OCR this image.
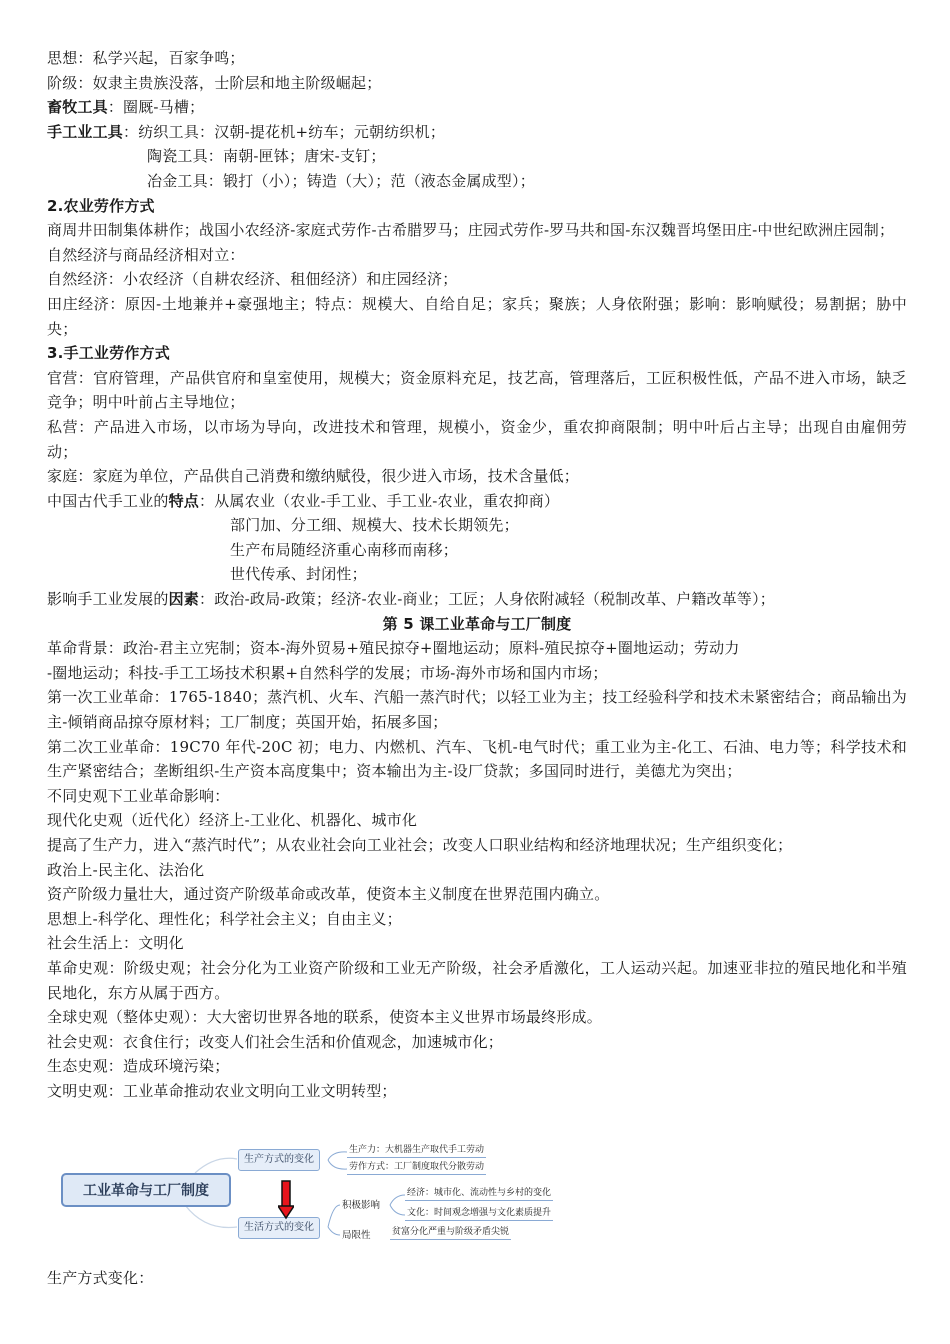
思想：私学兴起，百家争鸣；
阶级：奴隶主贵族没落，士阶层和地主阶级崛起；
畜牧工具：圈厩-马槽；
手工业工具：纺织工具：汉朝-提花机+纺车；元朝纺织机；
陶瓷工具：南朝-匣钵；唐宋-支钉；
冶金工具：锻打（小）；铸造（大）；范（液态金属成型）；
2.农业劳作方式
商周井田制集体耕作；战国小农经济-家庭式劳作-古希腊罗马；庄园式劳作-罗马共和国-东汉魏晋坞堡田庄-中世纪欧洲庄园制；
自然经济与商品经济相对立：
自然经济：小农经济（自耕农经济、租佃经济）和庄园经济；
田庄经济：原因-土地兼并+豪强地主；特点：规模大、自给自足；家兵；聚族；人身依附强；影响：影响赋役；易割据；胁中央；
3.手工业劳作方式
官营：官府管理，产品供官府和皇室使用，规模大；资金原料充足，技艺高，管理落后，工匠积极性低，产品不进入市场，缺乏竞争；明中叶前占主导地位；
私营：产品进入市场，以市场为导向，改进技术和管理，规模小，资金少，重农抑商限制；明中叶后占主导；出现自由雇佣劳动；
家庭：家庭为单位，产品供自己消费和缴纳赋役，很少进入市场，技术含量低；
中国古代手工业的特点：从属农业（农业-手工业、手工业-农业，重农抑商）
部门加、分工细、规模大、技术长期领先；
生产布局随经济重心南移而南移；
世代传承、封闭性；
影响手工业发展的因素：政治-政局-政策；经济-农业-商业；工匠；人身依附减轻（税制改革、户籍改革等）；
第 5 课工业革命与工厂制度
革命背景：政治-君主立宪制；资本-海外贸易+殖民掠夺+圈地运动；原料-殖民掠夺+圈地运动；劳动力
-圈地运动；科技-手工工场技术积累+自然科学的发展；市场-海外市场和国内市场；
第一次工业革命：1765-1840；蒸汽机、火车、汽船一蒸汽时代；以轻工业为主；技工经验科学和技术未紧密结合；商品输出为主-倾销商品掠夺原材料；工厂制度；英国开始，拓展多国；
第二次工业革命：19C70 年代-20C 初；电力、内燃机、汽车、飞机-电气时代；重工业为主-化工、石油、电力等；科学技术和生产紧密结合；垄断组织-生产资本高度集中；资本输出为主-设厂贷款；多国同时进行，美德尤为突出；
不同史观下工业革命影响：
现代化史观（近代化）经济上-工业化、机器化、城市化
提高了生产力，进入“蒸汽时代”；从农业社会向工业社会；改变人口职业结构和经济地理状况；生产组织变化；
政治上-民主化、法治化
资产阶级力量壮大，通过资产阶级革命或改革，使资本主义制度在世界范围内确立。
思想上-科学化、理性化；科学社会主义；自由主义；
社会生活上：文明化
革命史观：阶级史观；社会分化为工业资产阶级和工业无产阶级，社会矛盾激化，工人运动兴起。加速亚非拉的殖民地化和半殖民地化，东方从属于西方。
全球史观（整体史观）：大大密切世界各地的联系，使资本主义世界市场最终形成。
社会史观：衣食住行；改变人们社会生活和价值观念，加速城市化；
生态史观：造成环境污染；
文明史观：工业革命推动农业文明向工业文明转型；
工业革命与工厂制度
生产方式的变化
生活方式的变化
生产力：大机器生产取代手工劳动
劳作方式：工厂制度取代分散劳动
积极影响
经济：城市化、流动性与乡村的变化
文化：时间观念增强与文化素质提升
局限性 贫富分化严重与阶级矛盾尖锐
生产方式变化：
